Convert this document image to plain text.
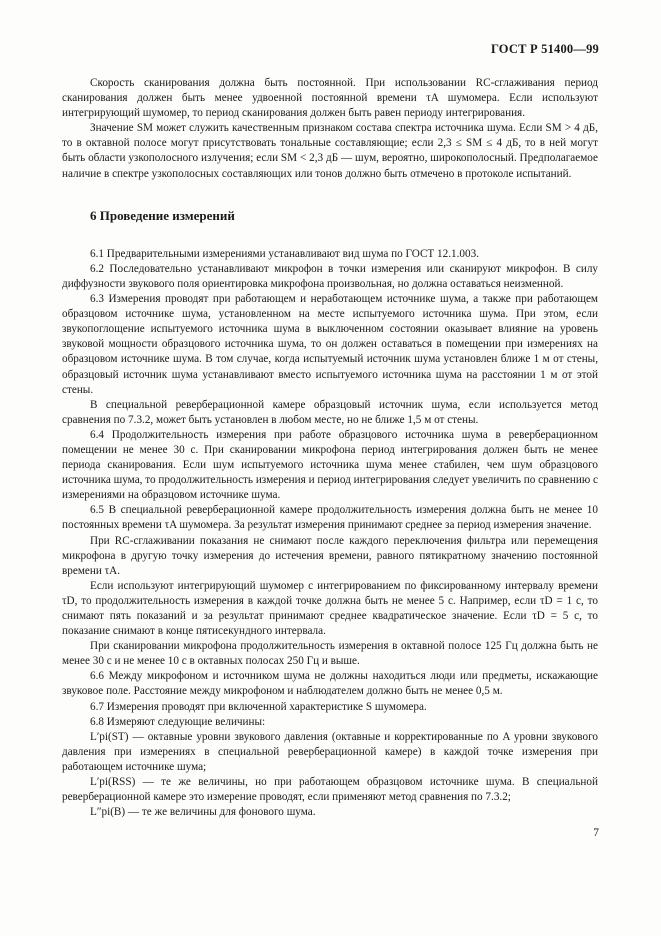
ГОСТ Р 51400—99

Скорость сканирования должна быть постоянной. При использовании RC-сглаживания период сканирования должен быть менее удвоенной постоянной времени τA шумомера. Если используют интегрирующий шумомер, то период сканирования должен быть равен периоду интегрирования.

Значение SM может служить качественным признаком состава спектра источника шума. Если SM > 4 дБ, то в октавной полосе могут присутствовать тональные составляющие; если 2,3 ≤ SM ≤ 4 дБ, то в ней могут быть области узкополосного излучения; если SM < 2,3 дБ — шум, вероятно, широкополосный. Предполагаемое наличие в спектре узкополосных составляющих или тонов должно быть отмечено в протоколе испытаний.

6 Проведение измерений

6.1 Предварительными измерениями устанавливают вид шума по ГОСТ 12.1.003.

6.2 Последовательно устанавливают микрофон в точки измерения или сканируют микрофон. В силу диффузности звукового поля ориентировка микрофона произвольная, но должна оставаться неизменной.

6.3 Измерения проводят при работающем и неработающем источнике шума, а также при работающем образцовом источнике шума, установленном на месте испытуемого источника шума. При этом, если звукопоглощение испытуемого источника шума в выключенном состоянии оказывает влияние на уровень звуковой мощности образцового источника шума, то он должен оставаться в помещении при измерениях на образцовом источнике шума. В том случае, когда испытуемый источник шума установлен ближе 1 м от стены, образцовый источник шума устанавливают вместо испытуемого источника шума на расстоянии 1 м от этой стены.

В специальной реверберационной камере образцовый источник шума, если используется метод сравнения по 7.3.2, может быть установлен в любом месте, но не ближе 1,5 м от стены.

6.4 Продолжительность измерения при работе образцового источника шума в реверберационном помещении не менее 30 с. При сканировании микрофона период интегрирования должен быть не менее периода сканирования. Если шум испытуемого источника шума менее стабилен, чем шум образцового источника шума, то продолжительность измерения и период интегрирования следует увеличить по сравнению с измерениями на образцовом источнике шума.

6.5 В специальной реверберационной камере продолжительность измерения должна быть не менее 10 постоянных времени τA шумомера. За результат измерения принимают среднее за период измерения значение.

При RC-сглаживании показания не снимают после каждого переключения фильтра или перемещения микрофона в другую точку измерения до истечения времени, равного пятикратному значению постоянной времени τA.

Если используют интегрирующий шумомер с интегрированием по фиксированному интервалу времени τD, то продолжительность измерения в каждой точке должна быть не менее 5 с. Например, если τD = 1 с, то снимают пять показаний и за результат принимают среднее квадратическое значение. Если τD = 5 с, то показание снимают в конце пятисекундного интервала.

При сканировании микрофона продолжительность измерения в октавной полосе 125 Гц должна быть не менее 30 с и не менее 10 с в октавных полосах 250 Гц и выше.

6.6 Между микрофоном и источником шума не должны находиться люди или предметы, искажающие звуковое поле. Расстояние между микрофоном и наблюдателем должно быть не менее 0,5 м.

6.7 Измерения проводят при включенной характеристике S шумомера.

6.8 Измеряют следующие величины:

L′pi(ST) — октавные уровни звукового давления (октавные и корректированные по A уровни звукового давления при измерениях в специальной реверберационной камере) в каждой точке измерения при работающем источнике шума;

L′pi(RSS) — те же величины, но при работающем образцовом источнике шума. В специальной реверберационной камере это измерение проводят, если применяют метод сравнения по 7.3.2;

L″pi(B) — те же величины для фонового шума.

7
